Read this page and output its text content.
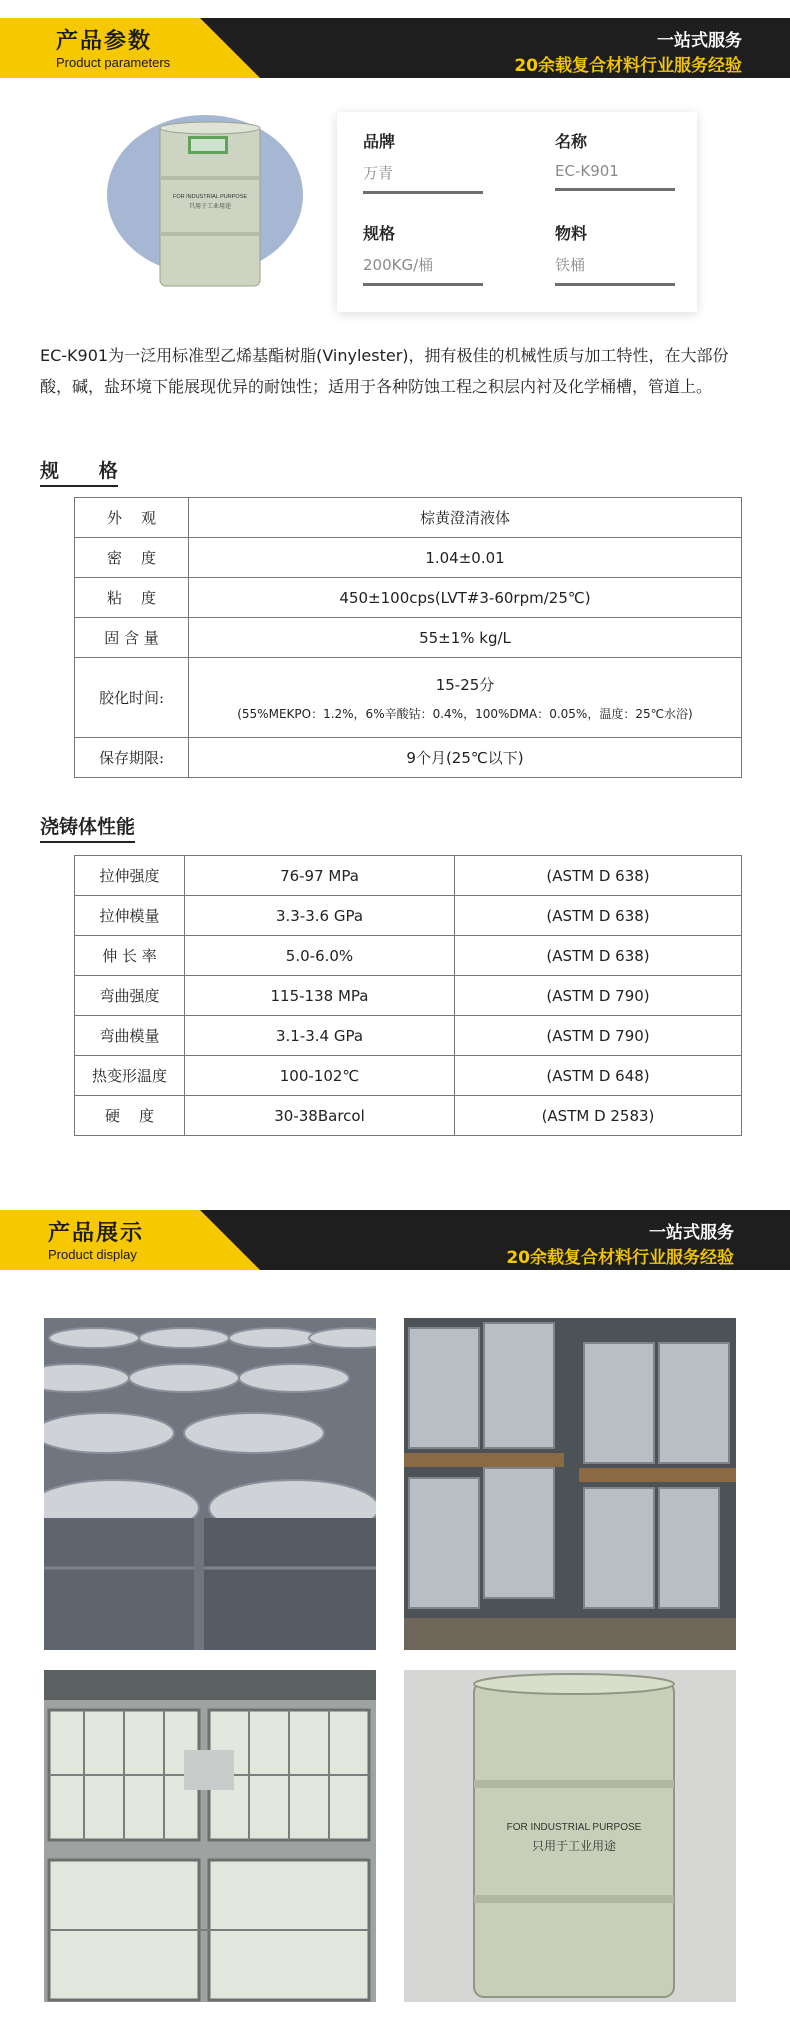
产品参数
Product parameters
一站式服务
20余载复合材料行业服务经验
FOR INDUSTRIAL PURPOSE
只用于工业用途
品牌
万青
名称
EC-K901
规格
200KG/桶
物料
铁桶
EC-K901为一泛用标准型乙烯基酯树脂(Vinylester)，拥有极佳的机械性质与加工特性，在大部份酸，碱，盐环境下能展现优异的耐蚀性；适用于各种防蚀工程之积层内衬及化学桶槽，管道上。
规      格
外    观	棕黄澄清液体
密    度	1.04±0.01
粘    度	450±100cps(LVT#3-60rpm/25℃)
固 含 量	55±1% kg/L
胶化时间:	15-25分
(55%MEKPO：1.2%，6%辛酸钴：0.4%，100%DMA：0.05%，温度：25℃水浴)

保存期限:	9个月(25℃以下)
浇铸体性能
拉伸强度	76-97 MPa	(ASTM D 638)
拉伸模量	3.3-3.6 GPa	(ASTM D 638)
伸 长 率	5.0-6.0%	(ASTM D 638)
弯曲强度	115-138 MPa	(ASTM D 790)
弯曲模量	3.1-3.4 GPa	(ASTM D 790)
热变形温度	100-102℃	(ASTM D 648)
硬    度	30-38Barcol	(ASTM D 2583)
产品展示
Product display
一站式服务
20余载复合材料行业服务经验
FOR INDUSTRIAL PURPOSE
只用于工业用途
